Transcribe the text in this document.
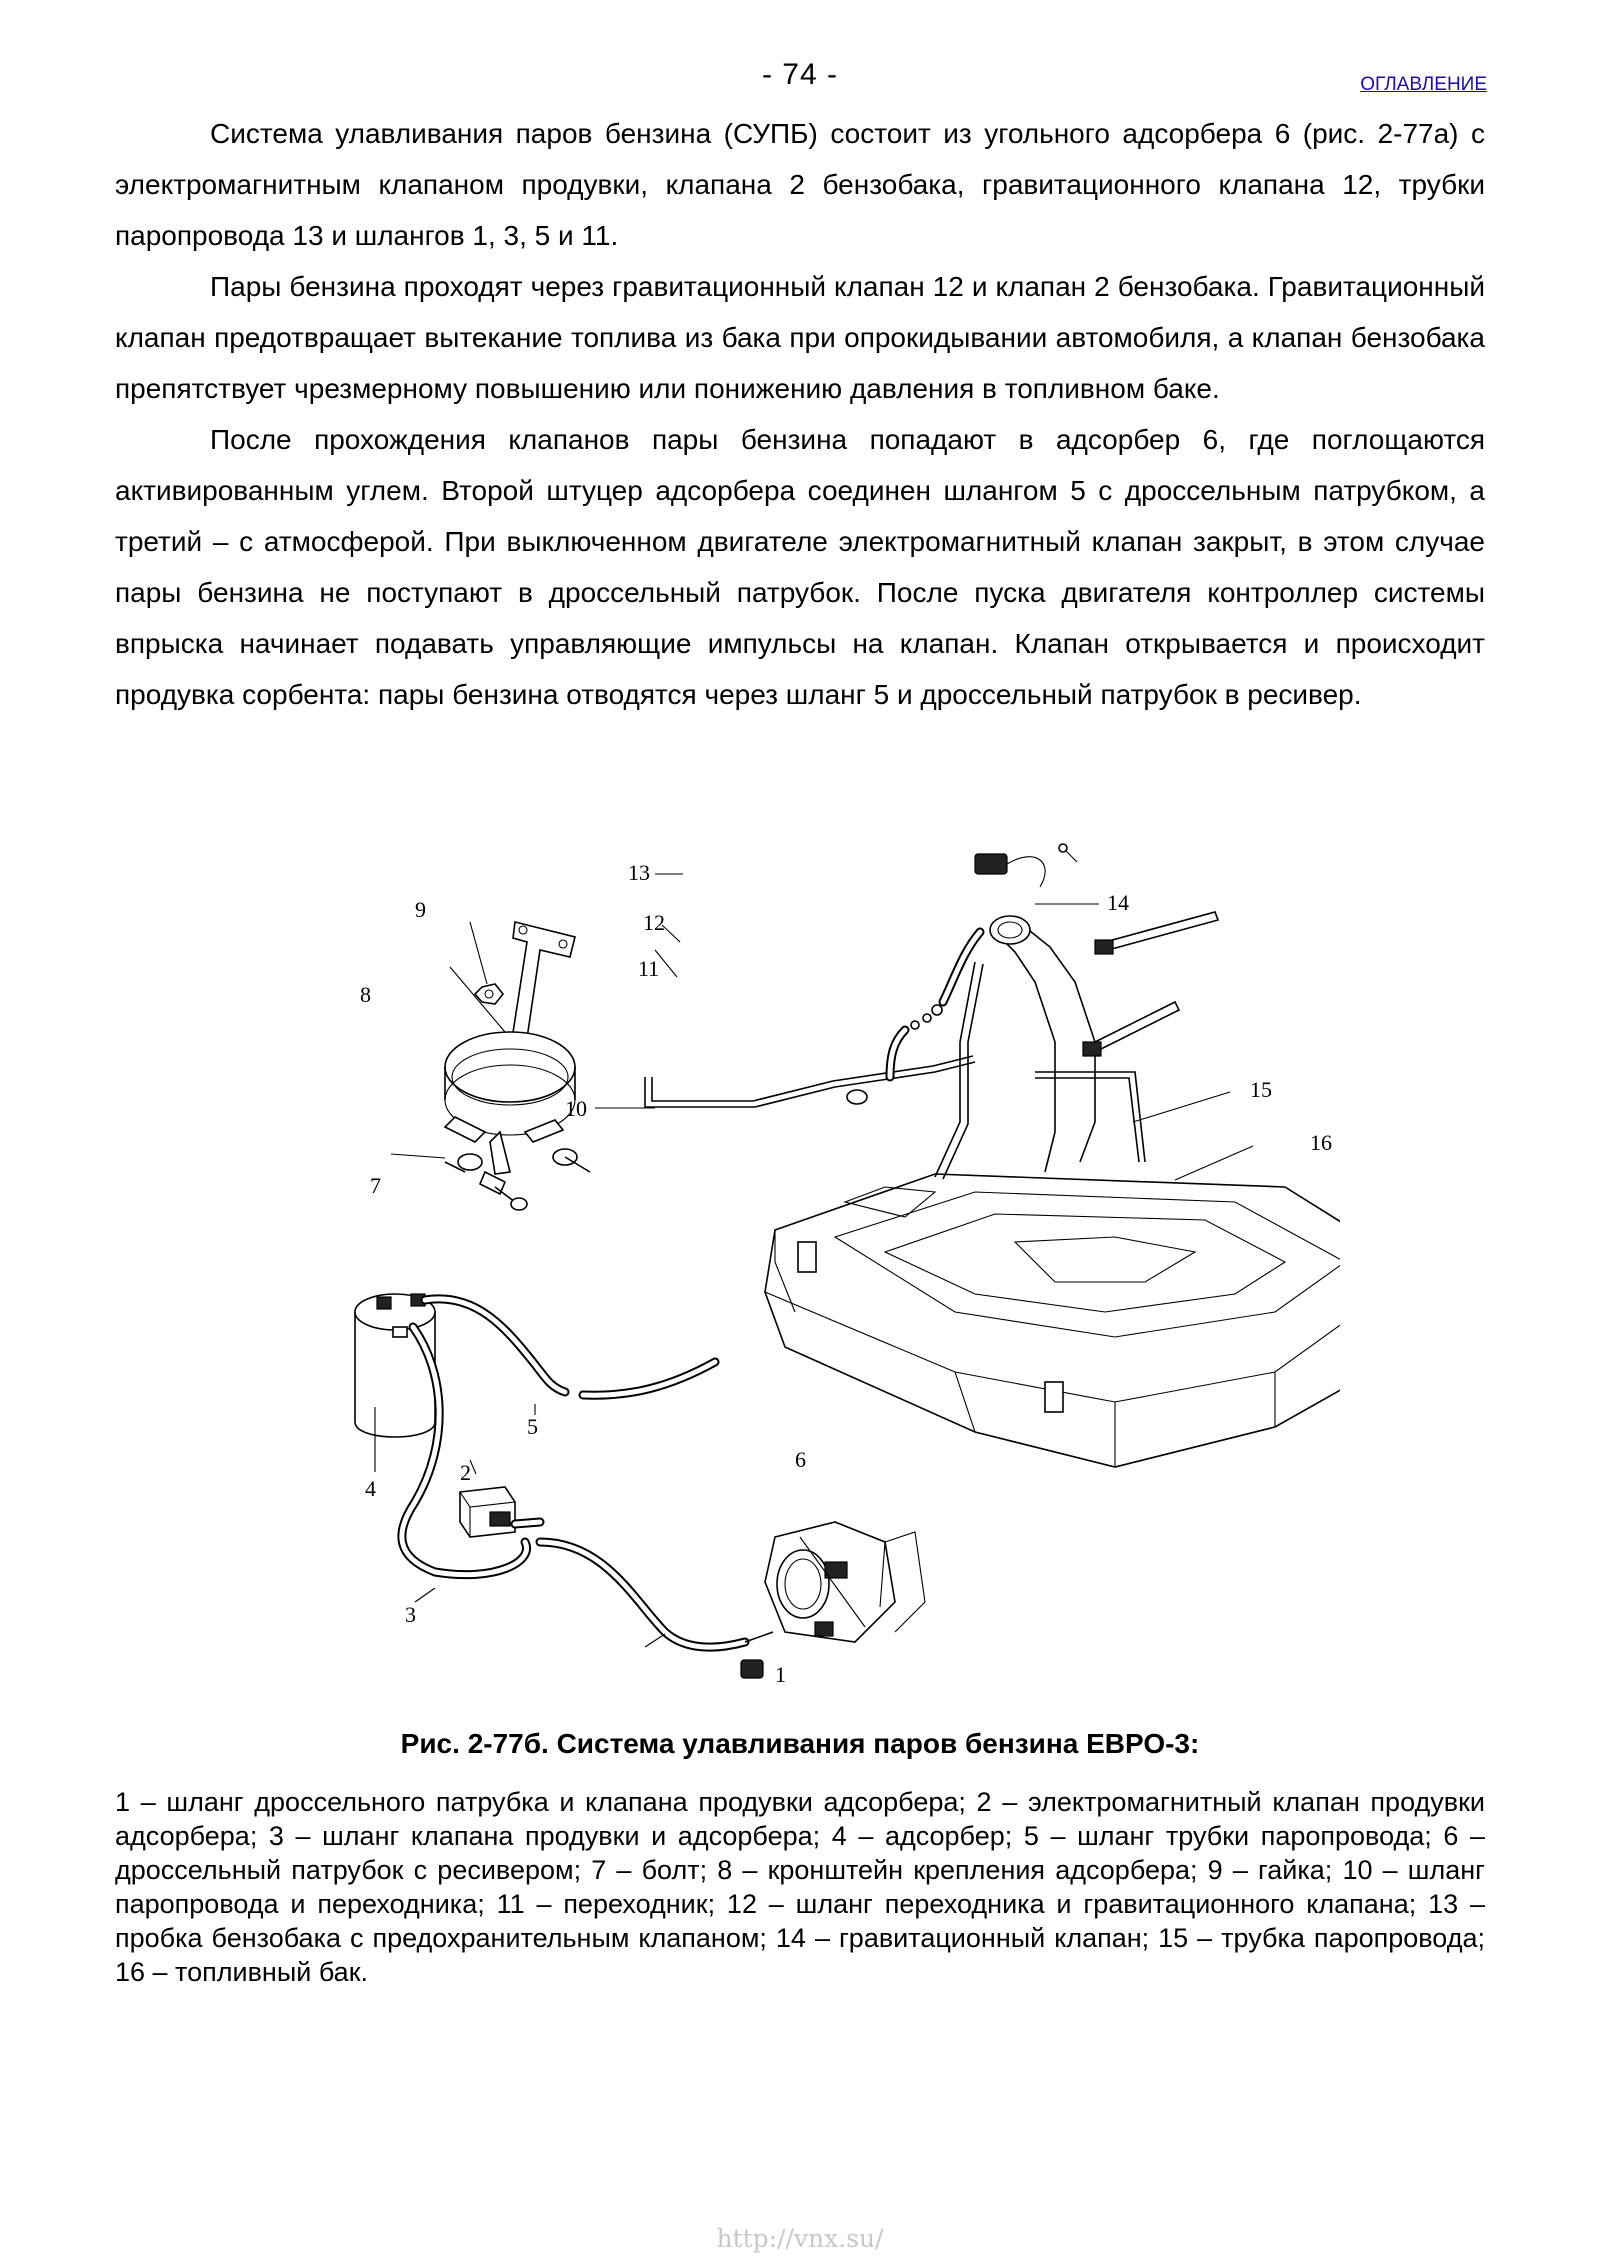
- 74 -	ОГЛАВЛЕНИЕ

Система улавливания паров бензина (СУПБ) состоит из угольного адсорбера 6 (рис. 2-77а) с электромагнитным клапаном продувки, клапана 2 бензобака, гравитационного клапана 12, трубки паропровода 13 и шлангов 1, 3, 5 и 11.

Пары бензина проходят через гравитационный клапан 12 и клапан 2 бензобака. Гравитационный клапан предотвращает вытекание топлива из бака при опрокидывании автомобиля, а клапан бензобака препятствует чрезмерному повышению или понижению давления в топливном баке.

После прохождения клапанов пары бензина попадают в адсорбер 6, где поглощаются активированным углем. Второй штуцер адсорбера соединен шлангом 5 с дроссельным патрубком, а третий – с атмосферой. При выключенном двигателе электромагнитный клапан закрыт, в этом случае пары бензина не поступают в дроссельный патрубок. После пуска двигателя контроллер системы впрыска начинает подавать управляющие импульсы на клапан. Клапан открывается и происходит продувка сорбента: пары бензина отводятся через шланг 5 и дроссельный патрубок в ресивер.

1
2
3
4
5
6
7
8
9
10
11
12
13
14
15
16
Рис. 2-77б. Система улавливания паров бензина ЕВРО-3:

1 – шланг дроссельного патрубка и клапана продувки адсорбера; 2 – электромагнитный клапан продувки адсорбера; 3 – шланг клапана продувки и адсорбера; 4 – адсорбер; 5 – шланг трубки паропровода; 6 – дроссельный патрубок с ресивером; 7 – болт; 8 – кронштейн крепления адсорбера; 9 – гайка; 10 – шланг паропровода и переходника; 11 – переходник; 12 – шланг переходника и гравитационного клапана; 13 – пробка бензобака с предохранительным клапаном; 14 – гравитационный клапан; 15 – трубка паропровода; 16 – топливный бак.

http://vnx.su/
